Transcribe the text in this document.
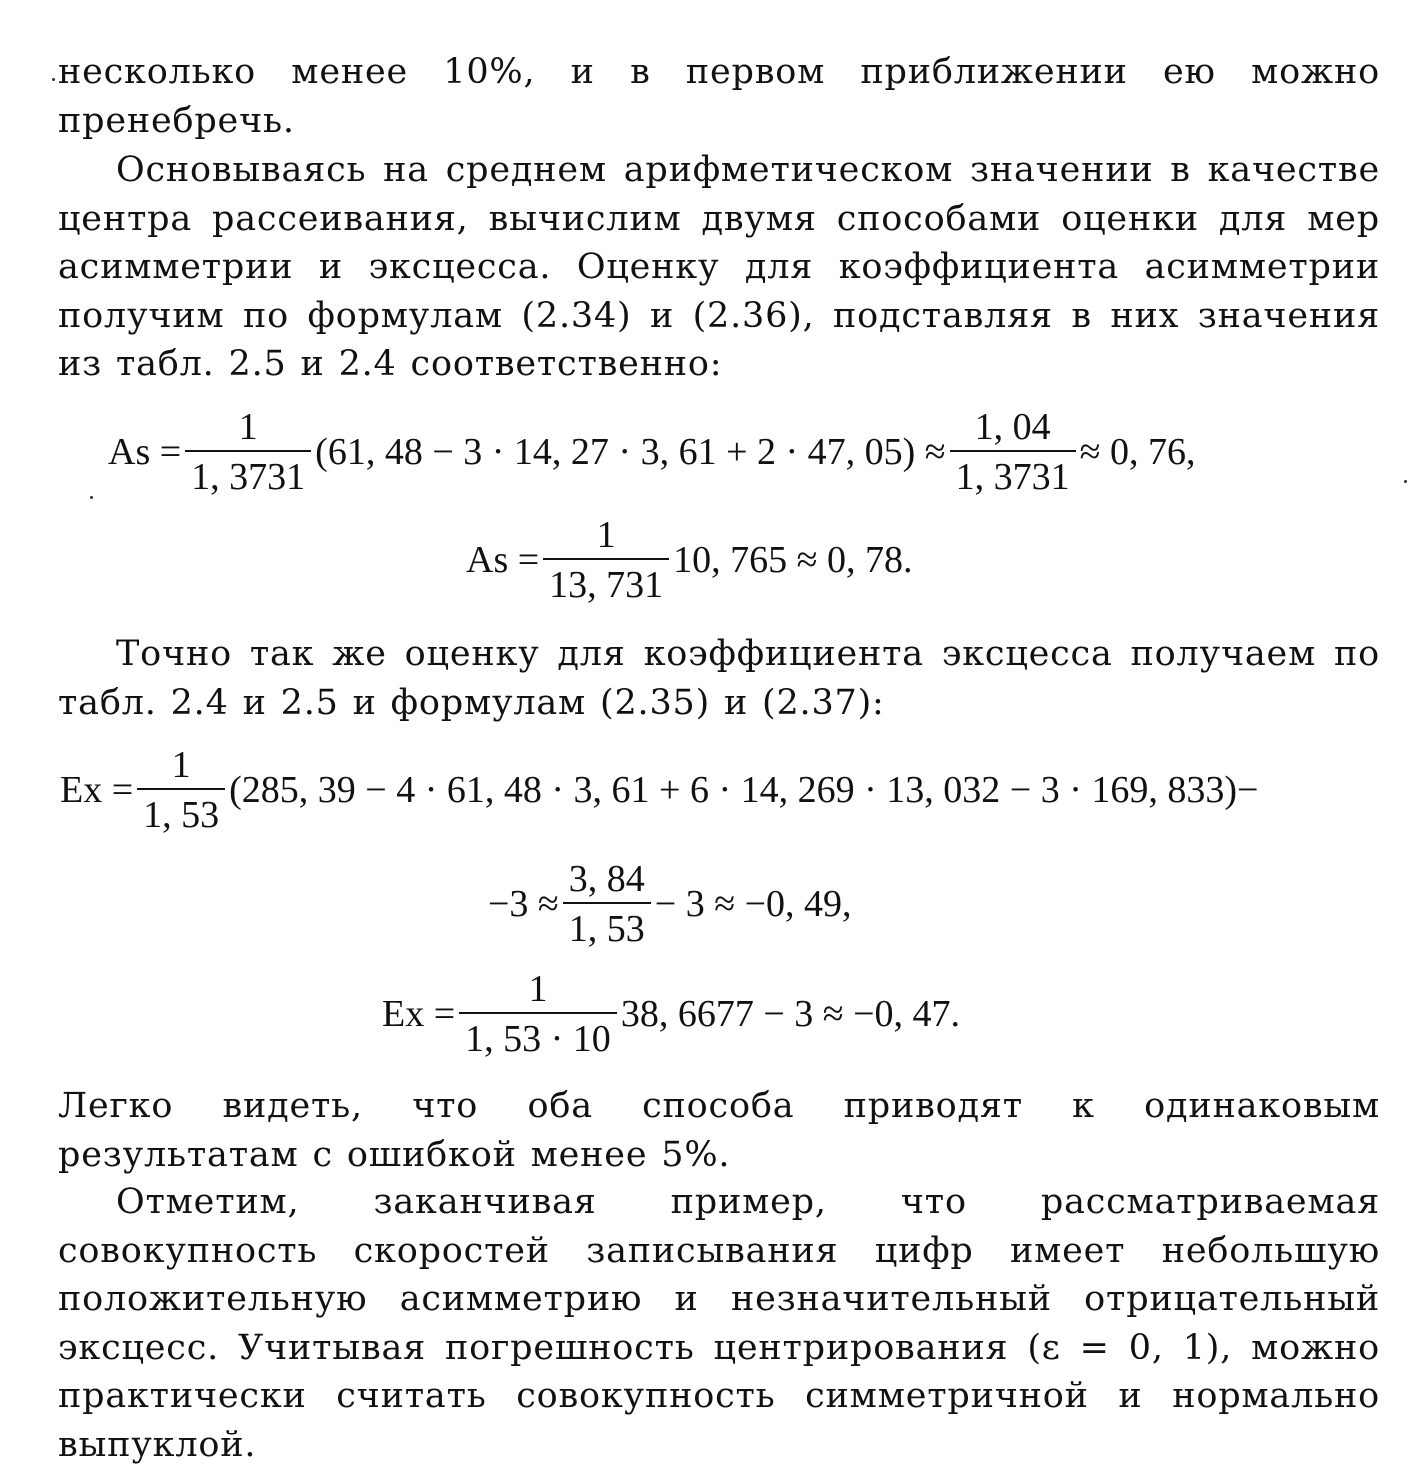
несколько менее 10%, и в первом приближении ею можно пренебречь.

Основываясь на среднем арифметическом значении в качестве центра рассеивания, вычислим двумя способами оценки для мер асимметрии и эксцесса. Оценку для коэффициента асимметрии получим по формулам (2.34) и (2.36), подставляя в них значения из табл. 2.5 и 2.4 соответственно:

$As = \frac{1}{1, 3731} (61$, 48 − 3 · 14, 27 · 3, 61 + 2 · 47, $05) \approx \frac{1, 04}{1, 3731} \approx 0$, 76,
$As = \frac{1}{13, 731} 10$, 765 ≈ 0, 78.

Точно так же оценку для коэффициента эксцесса получаем по табл. 2.4 и 2.5 и формулам (2.35) и (2.37):

$Ex = \frac{1}{1, 53} (285$, 39 − 4 · 61, 48 · 3, 61 + 6 · 14, 269 · 13, 032 − 3 · 169, 833)−
$-3 \approx \frac{3, 84}{1, 53} - 3 \approx -0$, 49,
$Ex = \frac{1}{1, 53 \cdot 10} 38$, 6677 − 3 ≈ −0, 47.

Легко видеть, что оба способа приводят к одинаковым результатам с ошибкой менее 5%.

Отметим, заканчивая пример, что рассматриваемая совокупность скоростей записывания цифр имеет небольшую положительную асимметрию и незначительный отрицательный эксцесс. Учитывая погрешность центрирования (ε = 0, 1), можно практически считать совокупность симметричной и нормально выпуклой.
